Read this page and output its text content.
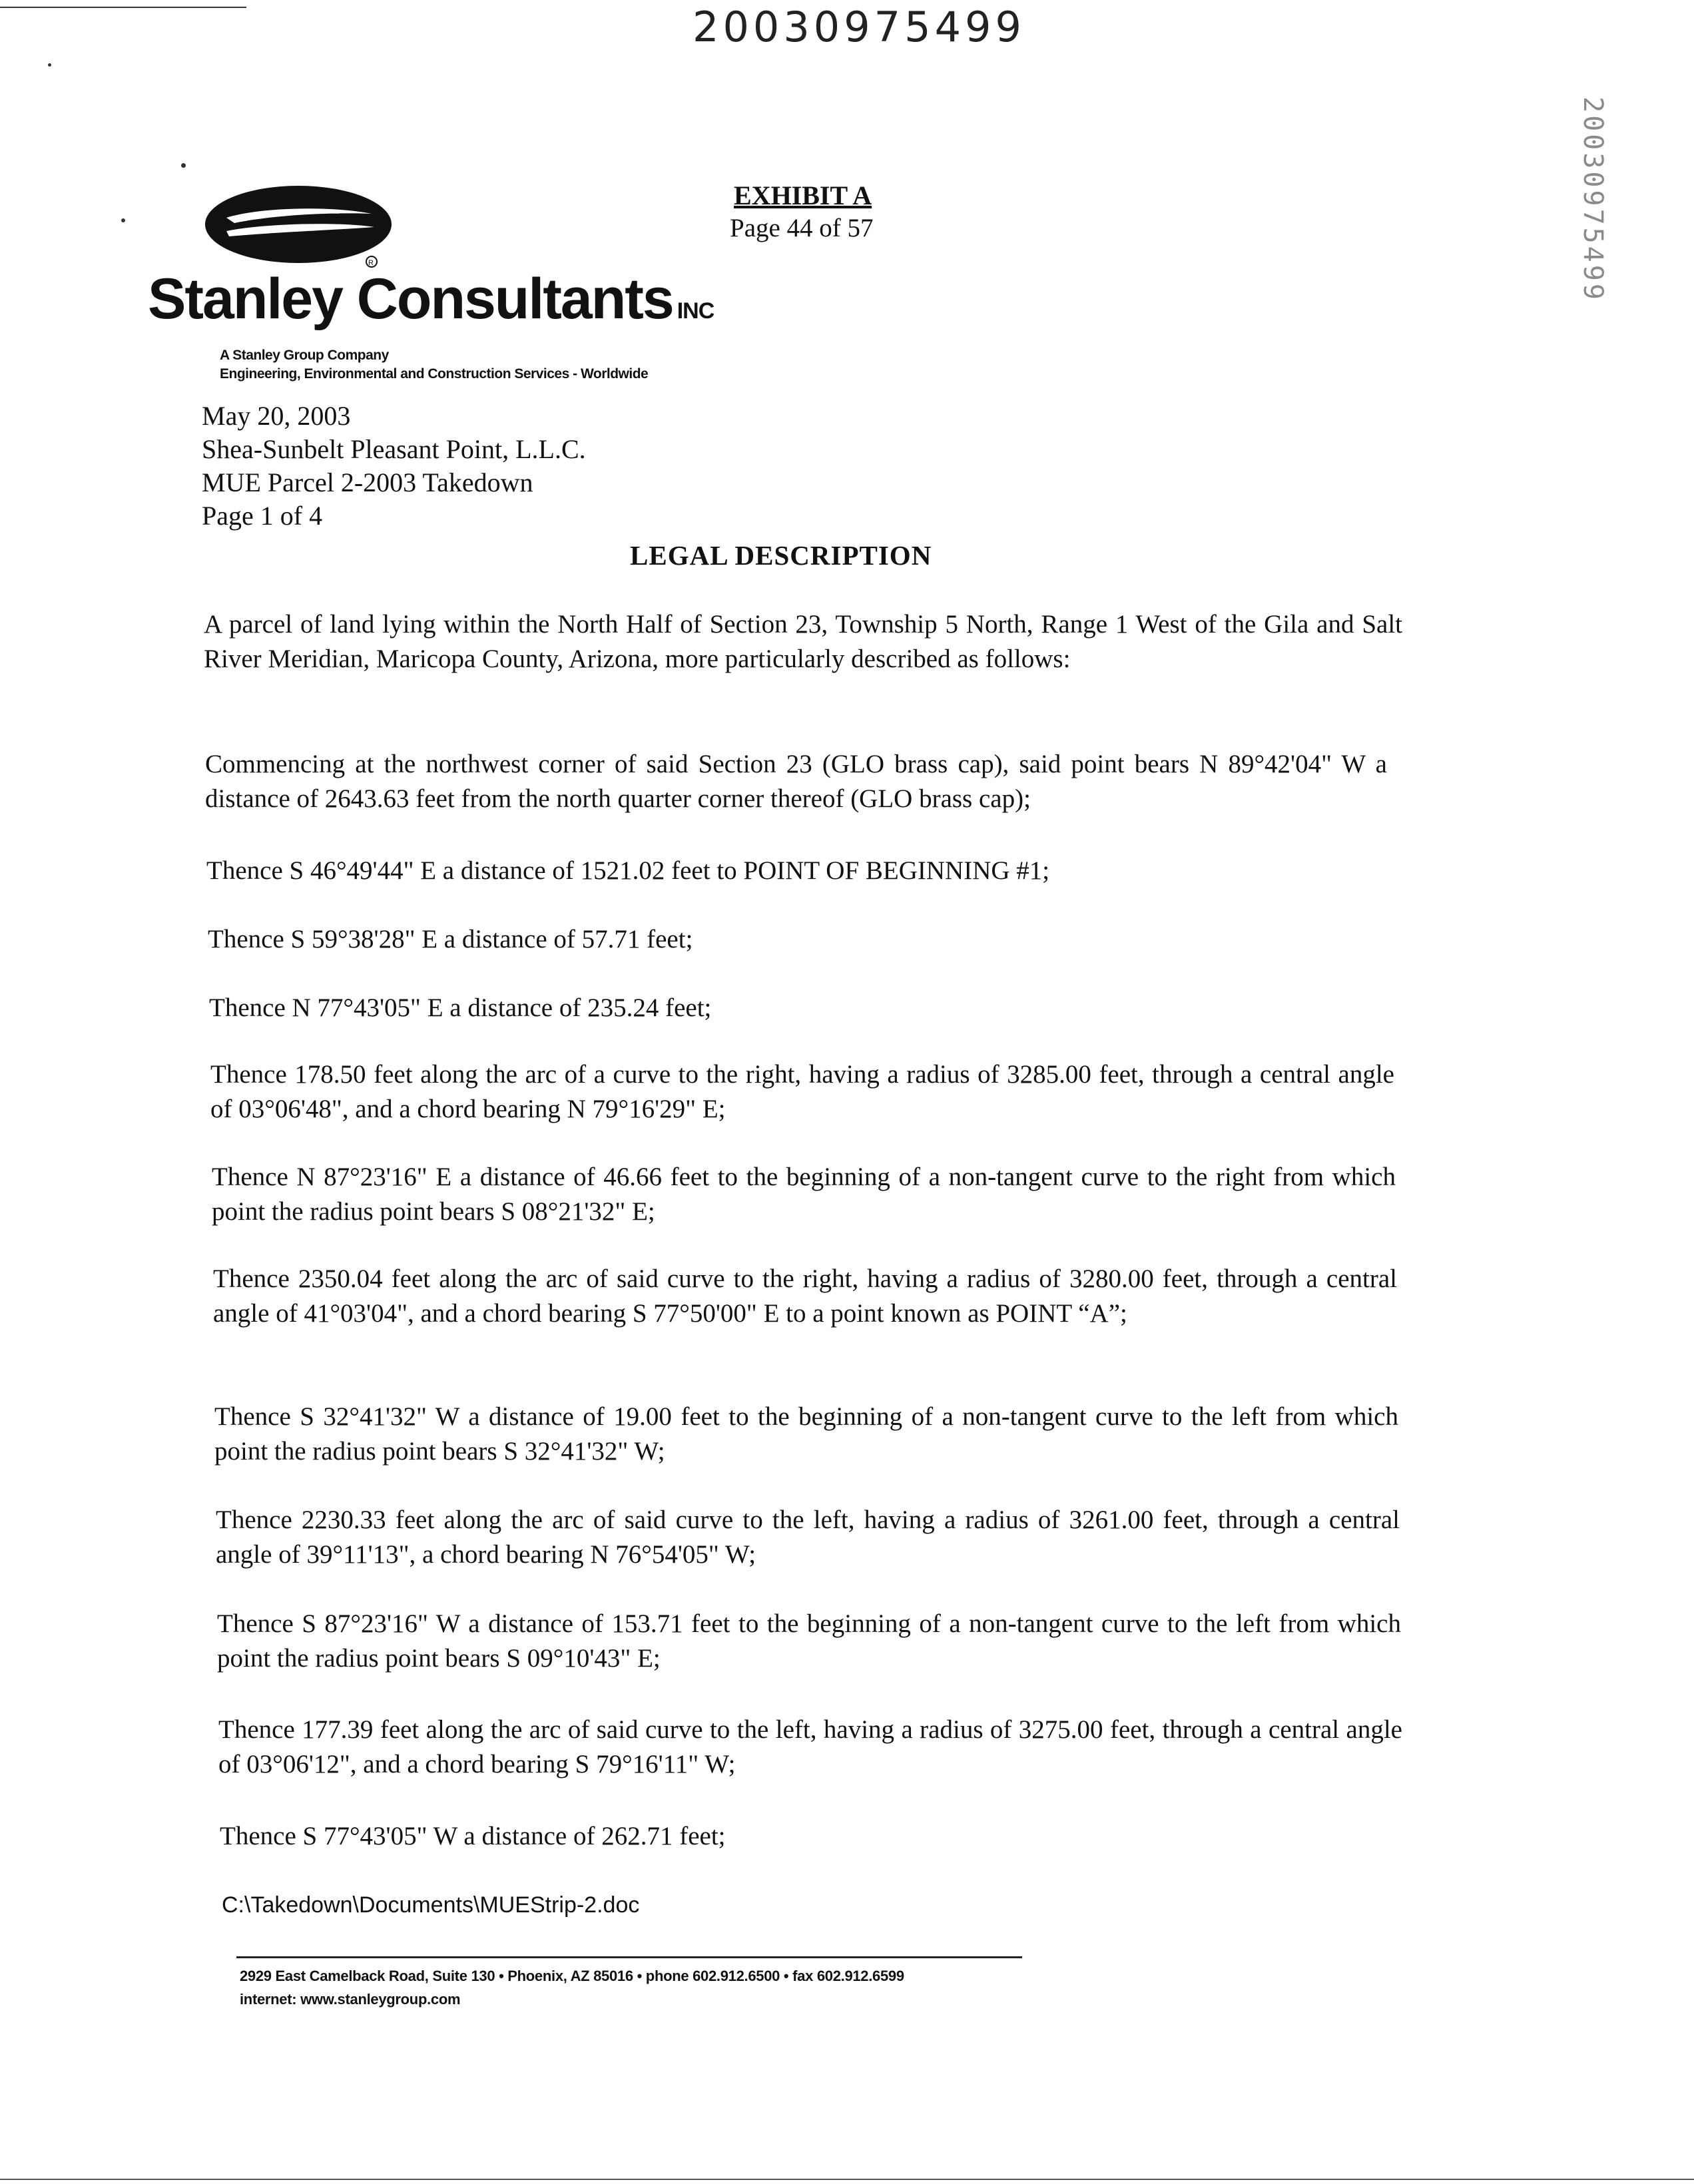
20030975499
20030975499
R
Stanley Consultants INC
A Stanley Group Company
Engineering, Environmental and Construction Services - Worldwide
EXHIBIT A
Page 44 of 57
May 20, 2003
Shea-Sunbelt Pleasant Point, L.L.C.
MUE Parcel 2-2003 Takedown
Page 1 of 4
LEGAL DESCRIPTION
A parcel of land lying within the North Half of Section 23, Township 5 North, Range 1 West of the Gila and Salt River Meridian, Maricopa County, Arizona, more particularly described as follows:
Commencing at the northwest corner of said Section 23 (GLO brass cap), said point bears N 89°42'04" W a distance of 2643.63 feet from the north quarter corner thereof (GLO brass cap);
Thence S 46°49'44" E a distance of 1521.02 feet to POINT OF BEGINNING #1;
Thence S 59°38'28" E a distance of 57.71 feet;
Thence N 77°43'05" E a distance of 235.24 feet;
Thence 178.50 feet along the arc of a curve to the right, having a radius of 3285.00 feet, through a central angle of 03°06'48", and a chord bearing N 79°16'29" E;
Thence N 87°23'16" E a distance of 46.66 feet to the beginning of a non-tangent curve to the right from which point the radius point bears S 08°21'32" E;
Thence 2350.04 feet along the arc of said curve to the right, having a radius of 3280.00 feet, through a central angle of 41°03'04", and a chord bearing S 77°50'00" E to a point known as POINT “A”;
Thence S 32°41'32" W a distance of 19.00 feet to the beginning of a non-tangent curve to the left from which point the radius point bears S 32°41'32" W;
Thence 2230.33 feet along the arc of said curve to the left, having a radius of 3261.00 feet, through a central angle of 39°11'13", a chord bearing N 76°54'05" W;
Thence S 87°23'16" W a distance of 153.71 feet to the beginning of a non-tangent curve to the left from which point the radius point bears S 09°10'43" E;
Thence 177.39 feet along the arc of said curve to the left, having a radius of 3275.00 feet, through a central angle of 03°06'12", and a chord bearing S 79°16'11" W;
Thence S 77°43'05" W a distance of 262.71 feet;
C:\Takedown\Documents\MUEStrip-2.doc
2929 East Camelback Road, Suite 130 • Phoenix, AZ 85016 • phone 602.912.6500 • fax 602.912.6599
internet: www.stanleygroup.com
